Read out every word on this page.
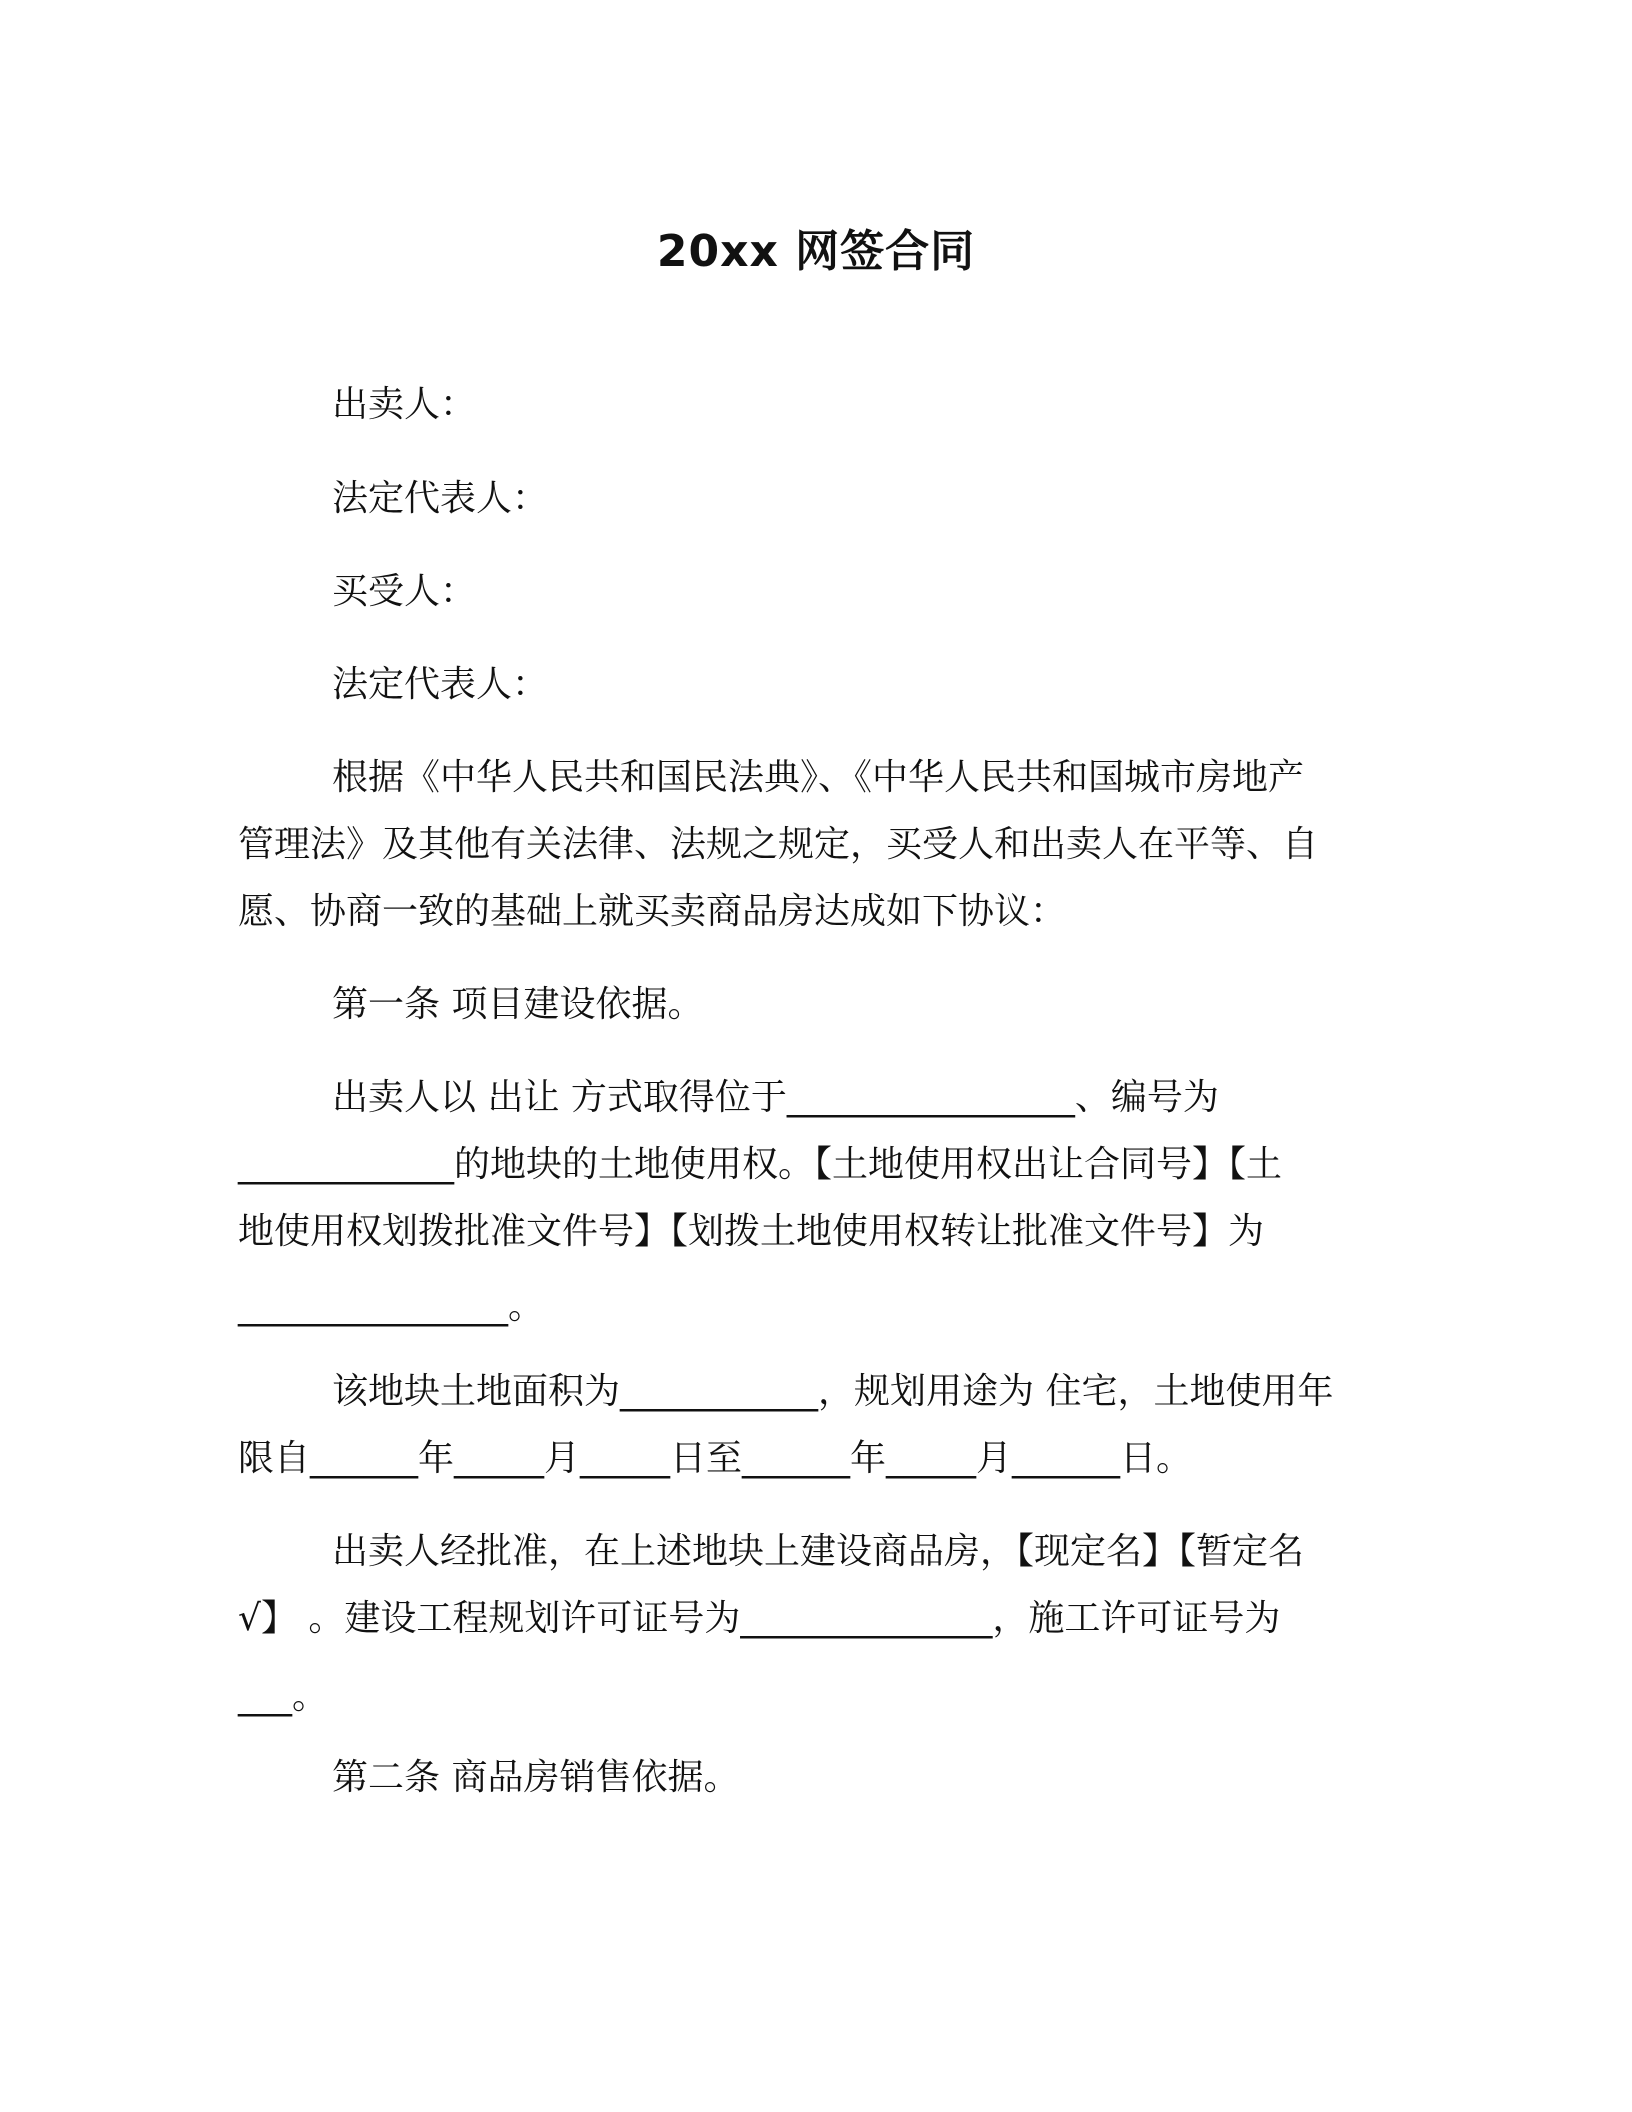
20xx 网签合同
出卖人：
法定代表人：
买受人：
法定代表人：
根据《中华人民共和国民法典》、《中华人民共和国城市房地产
管理法》及其他有关法律、法规之规定，买受人和出卖人在平等、自
愿、协商一致的基础上就买卖商品房达成如下协议：
第一条 项目建设依据。
出卖人以 出让 方式取得位于________________、编号为
____________的地块的土地使用权。【土地使用权出让合同号】【土
地使用权划拨批准文件号】【划拨土地使用权转让批准文件号】为
_______________。
该地块土地面积为___________，规划用途为 住宅，土地使用年
限自______年_____月_____日至______年_____月______日。
出卖人经批准，在上述地块上建设商品房，【现定名】【暂定名
√】 。建设工程规划许可证号为______________，施工许可证号为
___。
第二条 商品房销售依据。
